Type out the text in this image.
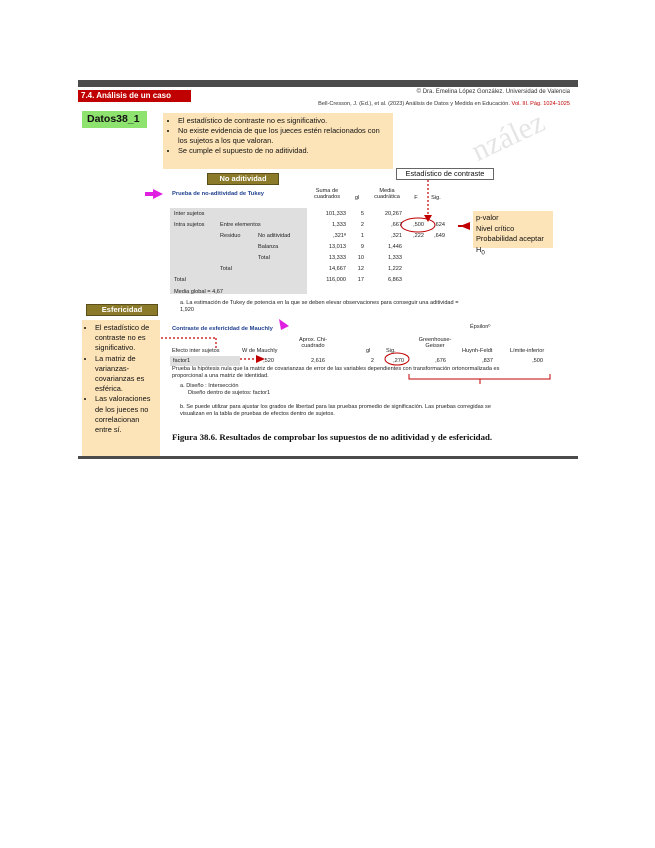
7.4. Análisis de un caso	© Dra. Emelina López González. Universidad de Valencia
Bell-Cresson, J. (Ed.), et al. (2023) Análisis de Datos y Medida en Educación. Vol. III. Pág. 1024-1025
Datos38_1
•	El estadístico de contraste no es significativo.
• No existe evidencia de que los jueces estén relacionados con los sujetos a los que valoran.
• Se cumple el supuesto de no aditividad.	nzález
No aditividad
Estadístico de contraste
p-valor
Nivel crítico
Probabilidad aceptar $H_0$
Prueba de no-aditividad de Tukey	Suma de cuadrados	gl
Media cuadrática	F	Sig.
Inter sujetos	101,333	5	20,267
Intra sujetos	Entre elementos	1,333	2	,667	,500	,624
Residuo	No aditividad	,321ª	1	,321	,222	,649
Balanza	13,013	9	1,446
Total	13,333	10	1,333
Total	14,667	12	1,222
Total	116,000	17	6,863
Media global = 4,67
a. La estimación de Tukey de potencia en la que se deben elevar observaciones para conseguir una aditividad = 1,920
Esfericidad
• El estadístico de contraste no es significativo.
• La matriz de varianzas-covarianzas es esférica.
• Las valoraciones de los jueces no correlacionan entre sí.
Contraste de esfericidad de Mauchly	Épsilonᵇ
Efecto inter sujetos	W de Mauchly
Aprox. Chi-cuadrado
gl	Sig.
Greenhouse-Geisser
Huynh-Feldt	Límite-inferior
factor1	,520	2,616	2	,270	,676	,837	,500
Prueba la hipótesis nula que la matriz de covarianzas de error de las variables dependientes con transformación ortonormalizada es proporcional a una matriz de identidad.
a. Diseño : Intersección
Diseño dentro de sujetos: factor1
b. Se puede utilizar para ajustar los grados de libertad para las pruebas promedio de significación. Las pruebas corregidas se visualizan en la tabla de pruebas de efectos dentro de sujetos.
Figura 38.6. Resultados de comprobar los supuestos de no aditividad y de esfericidad.
